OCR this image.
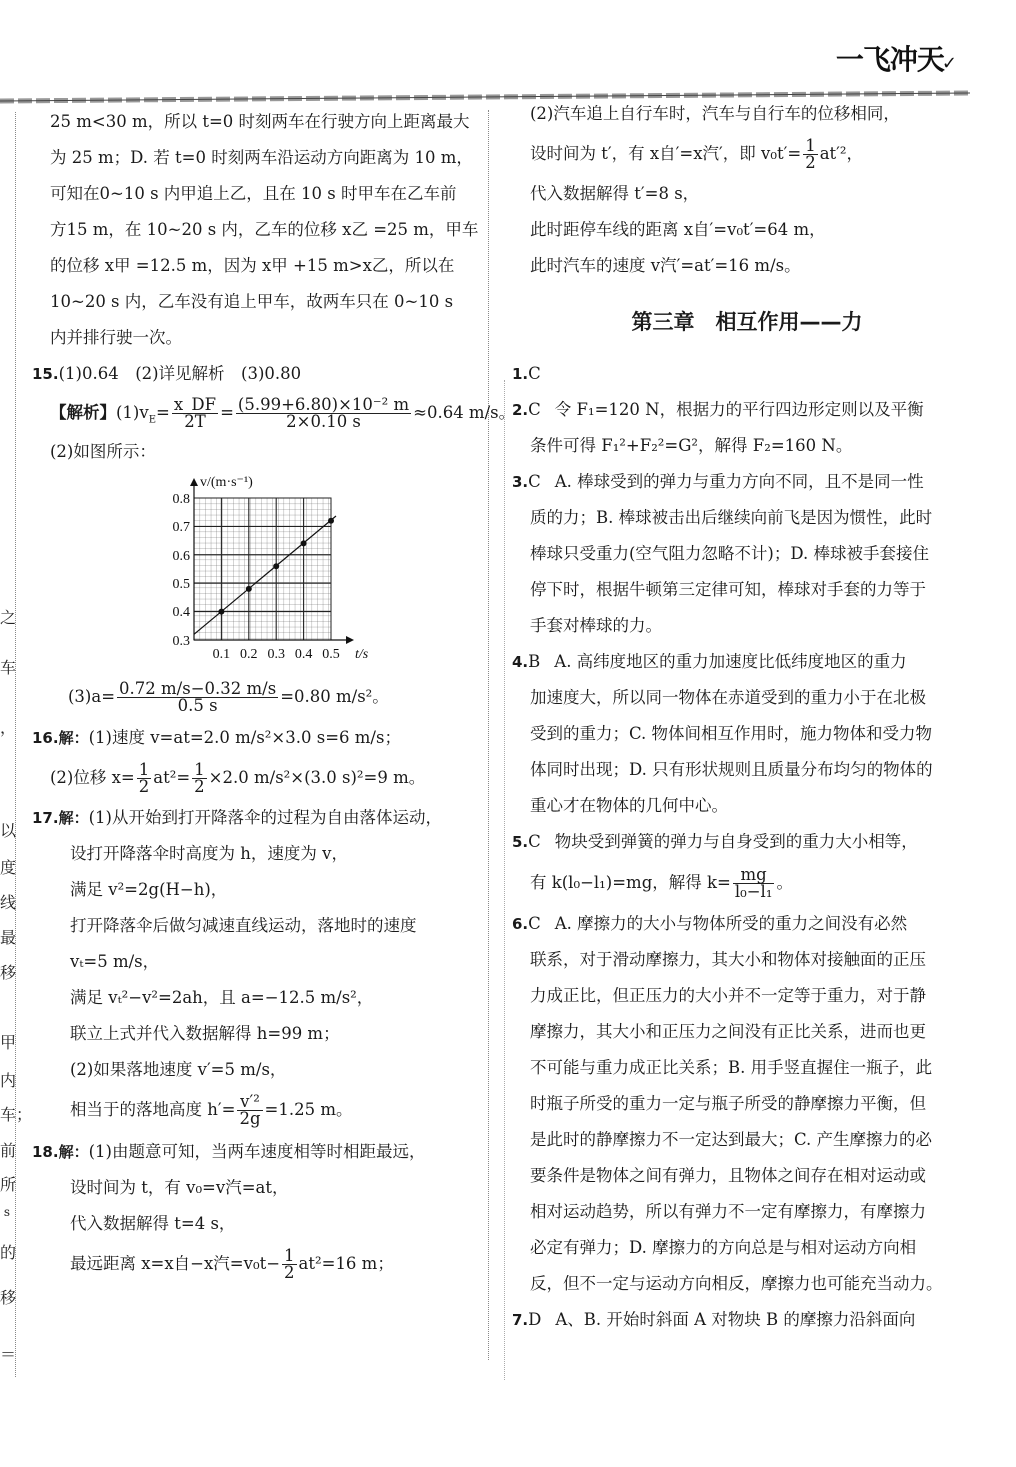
一飞冲天✓
之
车
，
以
度
线
最
移
甲
内
车；
前
所
s
的
移
＝
25 m<30 m，所以 t=0 时刻两车在行驶方向上距离最大
为 25 m；D. 若 t=0 时刻两车沿运动方向距离为 10 m，
可知在0~10 s 内甲追上乙，且在 10 s 时甲车在乙车前
方15 m，在 10~20 s 内，乙车的位移 x乙 =25 m，甲车
的位移 x甲 =12.5 m，因为 x甲 +15 m>x乙，所以在
10~20 s 内，乙车没有追上甲车，故两车只在 0~10 s
内并排行驶一次。
15.(1)0.64　(2)详见解析　(3)0.80
【解析】$(1)v_E= \frac{x\_DF}{2T} = \frac{\text{(5.99+6.80)×10⁻² m}}{2\times 0.10 s} \approx 0.64$ m/s。
(2)如图所示：
v/(m·s⁻¹)
0.8
0.7
0.6
0.5
0.4
0.3
0.1 0.2 0.3 0.4 0.5 t/s
$(3)a= \frac{0.72 m/s-0.32 m/s}{0.5 s} =0.80$ m/s²。
16.解：(1)速度 v=at=2.0 m/s²×3.0 s=6 m/s；
(2)位移 $x= \frac{1}{2} at^2= \frac{1}{2} \times 2.0$ m/s²×(3.0 s)²=9 m。
17.解：(1)从开始到打开降落伞的过程为自由落体运动，
设打开降落伞时高度为 h，速度为 v，
满足 v²=2g(H−h)，
打开降落伞后做匀减速直线运动，落地时的速度
vₜ=5 m/s，
满足 vₜ²−v²=2ah，且 a=−12.5 m/s²，
联立上式并代入数据解得 h=99 m；
(2)如果落地速度 v′=5 m/s，
相当于的落地高度 $h'= \frac{\text{v′²}}{2g} =1.25$ m。
18.解：(1)由题意可知，当两车速度相等时相距最远，
设时间为 t，有 v₀=v汽=at，
代入数据解得 t=4 s，
最远距离 x=x自−x汽$=v_0t- \frac{1}{2} at^2=16$ m；
(2)汽车追上自行车时，汽车与自行车的位移相同，
设时间为 t′，有 x自′=x汽′，即 $v_0t'= \frac{1}{2} at'^2$，
代入数据解得 t′=8 s，
此时距停车线的距离 x自′=v₀t′=64 m，
此时汽车的速度 v汽′=at′=16 m/s。
第三章　相互作用——力
1.C
2.C 令 F₁=120 N，根据力的平行四边形定则以及平衡
条件可得 F₁²+F₂²=G²，解得 F₂=160 N。
3.C A. 棒球受到的弹力与重力方向不同，且不是同一性
质的力；B. 棒球被击出后继续向前飞是因为惯性，此时
棒球只受重力(空气阻力忽略不计)；D. 棒球被手套接住
停下时，根据牛顿第三定律可知，棒球对手套的力等于
手套对棒球的力。
4.B A. 高纬度地区的重力加速度比低纬度地区的重力
加速度大，所以同一物体在赤道受到的重力小于在北极
受到的重力；C. 物体间相互作用时，施力物体和受力物
体同时出现；D. 只有形状规则且质量分布均匀的物体的
重心才在物体的几何中心。
5.C 物块受到弹簧的弹力与自身受到的重力大小相等，
有 k(l₀−l₁)=mg，解得 $k= \frac{mg}{\text{l₀−l₁}}$ 。
6.C A. 摩擦力的大小与物体所受的重力之间没有必然
联系，对于滑动摩擦力，其大小和物体对接触面的正压
力成正比，但正压力的大小并不一定等于重力，对于静
摩擦力，其大小和正压力之间没有正比关系，进而也更
不可能与重力成正比关系；B. 用手竖直握住一瓶子，此
时瓶子所受的重力一定与瓶子所受的静摩擦力平衡，但
是此时的静摩擦力不一定达到最大；C. 产生摩擦力的必
要条件是物体之间有弹力，且物体之间存在相对运动或
相对运动趋势，所以有弹力不一定有摩擦力，有摩擦力
必定有弹力；D. 摩擦力的方向总是与相对运动方向相
反，但不一定与运动方向相反，摩擦力也可能充当动力。
7.D A、B. 开始时斜面 A 对物块 B 的摩擦力沿斜面向
